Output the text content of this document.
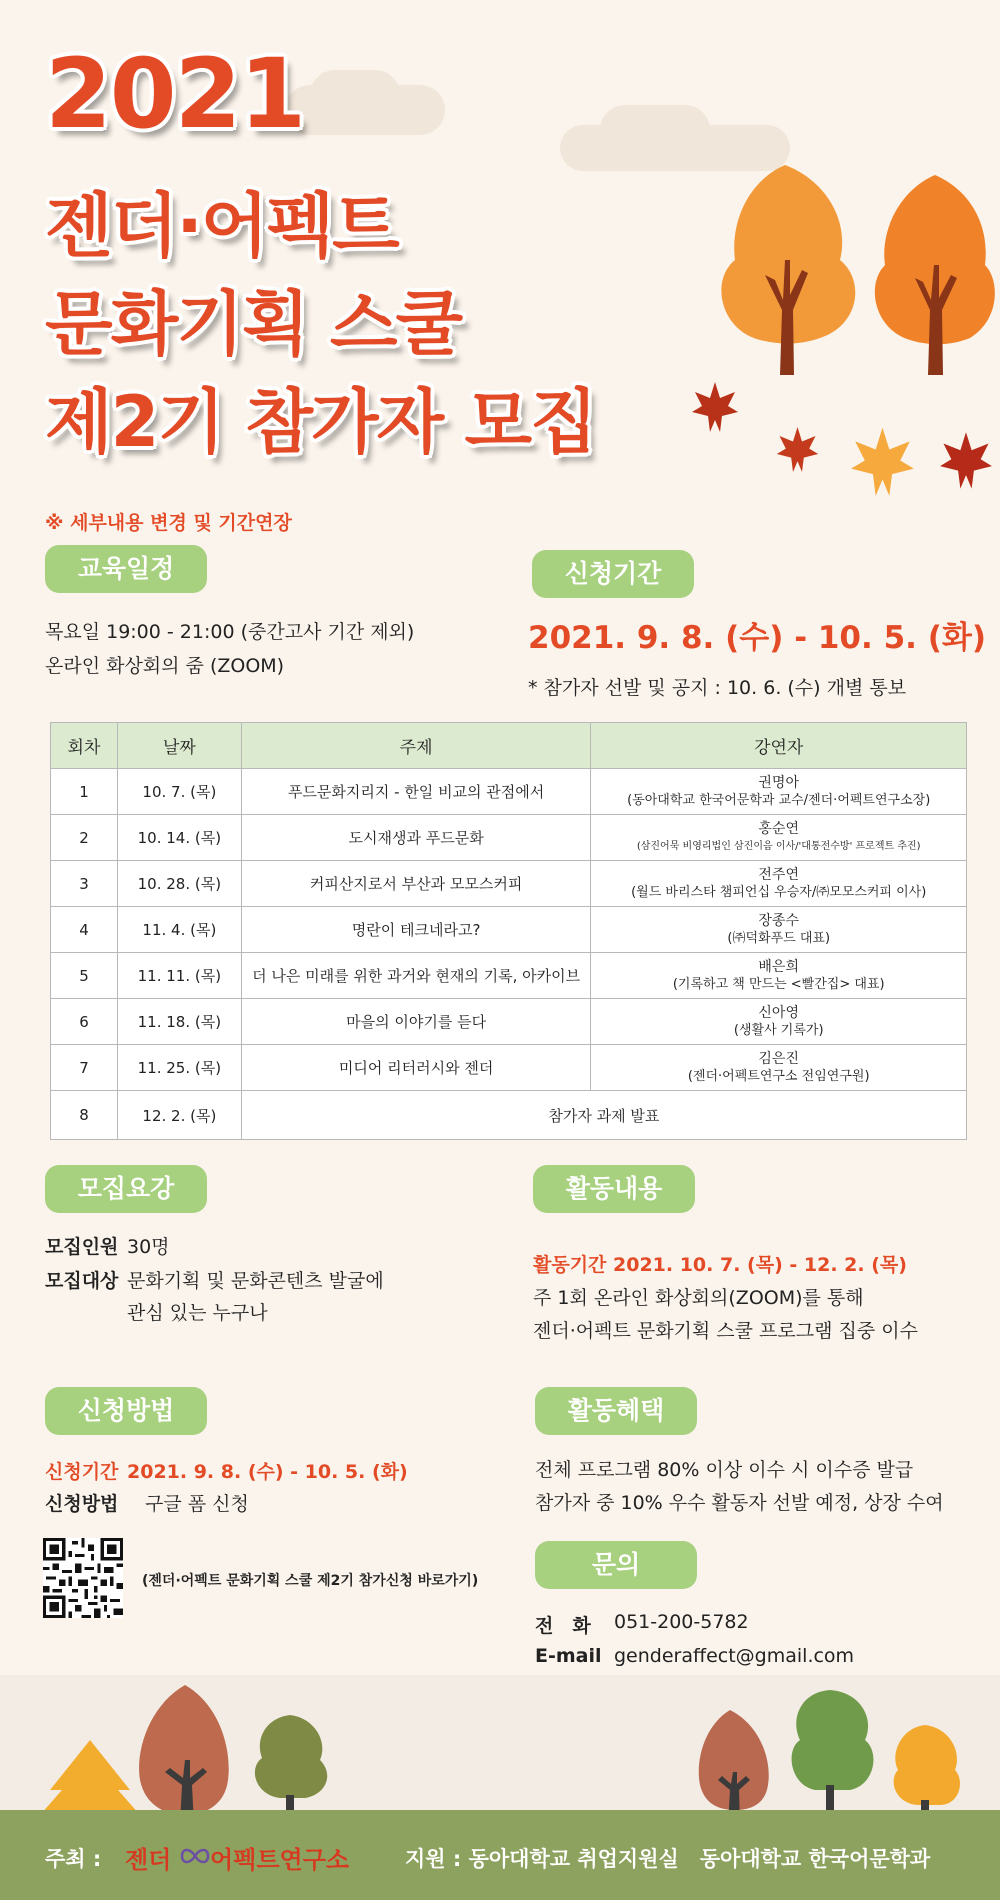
2021
젠더·어펙트
문화기획 스쿨
제2기 참가자 모집
※ 세부내용 변경 및 기간연장
교육일정
목요일 19:00 - 21:00 (중간고사 기간 제외)
온라인 화상회의 줌 (ZOOM)
신청기간
2021. 9. 8. (수) - 10. 5. (화)
* 참가자 선발 및 공지 : 10. 6. (수) 개별 통보
회차	날짜	주제	강연자
1	10. 7. (목)	푸드문화지리지 - 한일 비교의 관점에서	권명아
(동아대학교 한국어문학과 교수/젠더·어펙트연구소장)

2	10. 14. (목)	도시재생과 푸드문화	홍순연
(삼진어묵 비영리법인 삼진이음 이사/'대통전수방' 프로젝트 추진)

3	10. 28. (목)	커피산지로서 부산과 모모스커피	전주연
(월드 바리스타 챔피언십 우승자/㈜모모스커피 이사)

4	11. 4. (목)	명란이 테크네라고?	장종수
(㈜덕화푸드 대표)

5	11. 11. (목)	더 나은 미래를 위한 과거와 현재의 기록, 아카이브	배은희
(기록하고 책 만드는 <빨간집> 대표)

6	11. 18. (목)	마을의 이야기를 듣다	신아영
(생활사 기록가)

7	11. 25. (목)	미디어 리터러시와 젠더	김은진
(젠더·어펙트연구소 전임연구원)

8	12. 2. (목)	참가자 과제 발표	
모집요강
모집인원 30명
모집대상 문화기획 및 문화콘텐츠 발굴에
관심 있는 누구나
활동내용
활동기간 2021. 10. 7. (목) - 12. 2. (목)
주 1회 온라인 화상회의(ZOOM)를 통해
젠더·어펙트 문화기획 스쿨 프로그램 집중 이수
신청방법
신청기간 2021. 9. 8. (수) - 10. 5. (화)
신청방법 구글 폼 신청
(젠더·어펙트 문화기획 스쿨 제2기 참가신청 바로가기)
활동혜택
전체 프로그램 80% 이상 이수 시 이수증 발급
참가자 중 10% 우수 활동자 선발 예정, 상장 수여
문의
전　화 051-200-5782
E-mail genderaffect@gmail.com
주최 : 젠더 어펙트연구소	지원 : 동아대학교 취업지원실　동아대학교 한국어문학과
